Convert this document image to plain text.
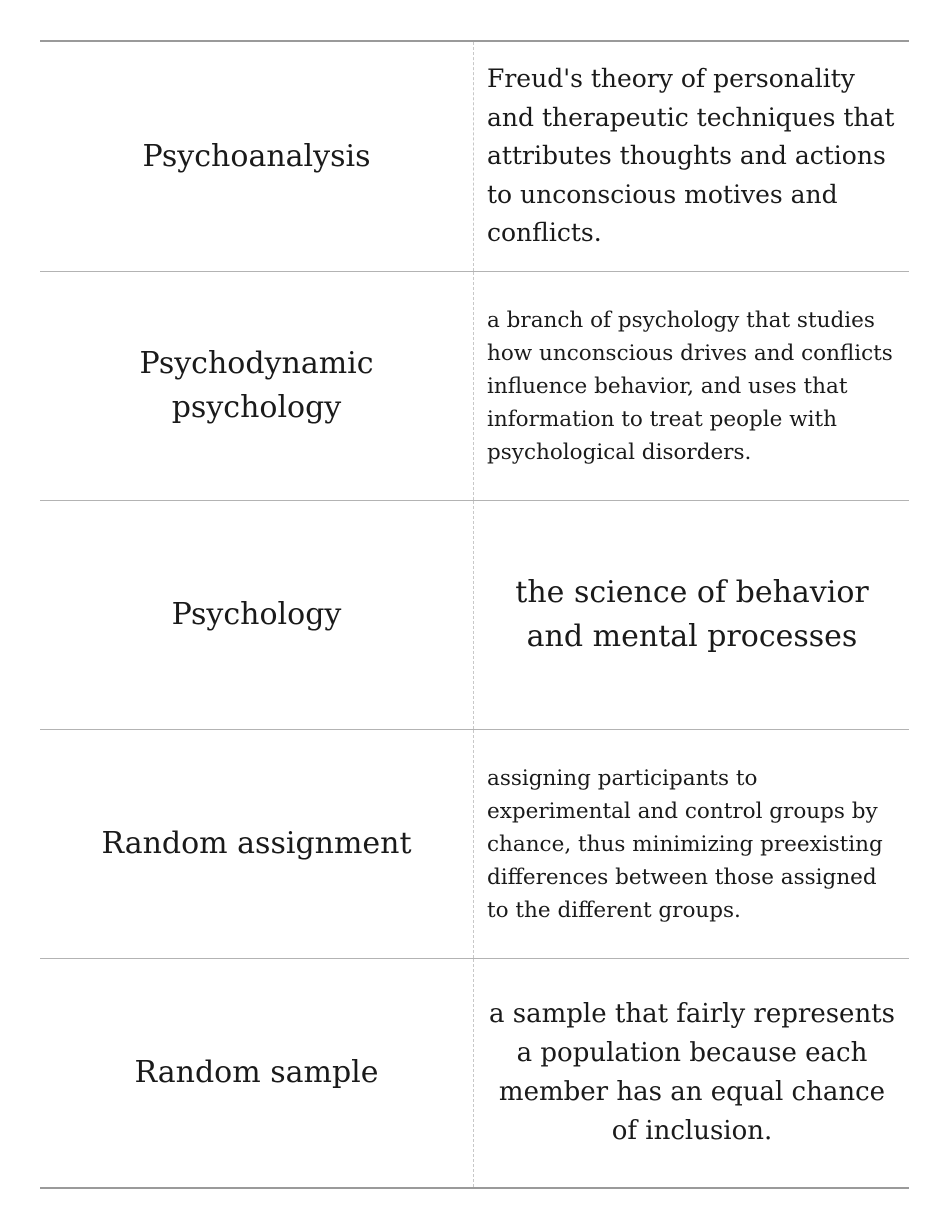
Psychoanalysis
Freud's theory of personality and therapeutic techniques that attributes thoughts and actions to unconscious motives and conflicts.
Psychodynamic psychology
a branch of psychology that studies how unconscious drives and conflicts influence behavior, and uses that information to treat people with psychological disorders.
Psychology
the science of behavior and mental processes
Random assignment
assigning participants to experimental and control groups by chance, thus minimizing preexisting differences between those assigned to the different groups.
Random sample
a sample that fairly represents a population because each member has an equal chance of inclusion.
